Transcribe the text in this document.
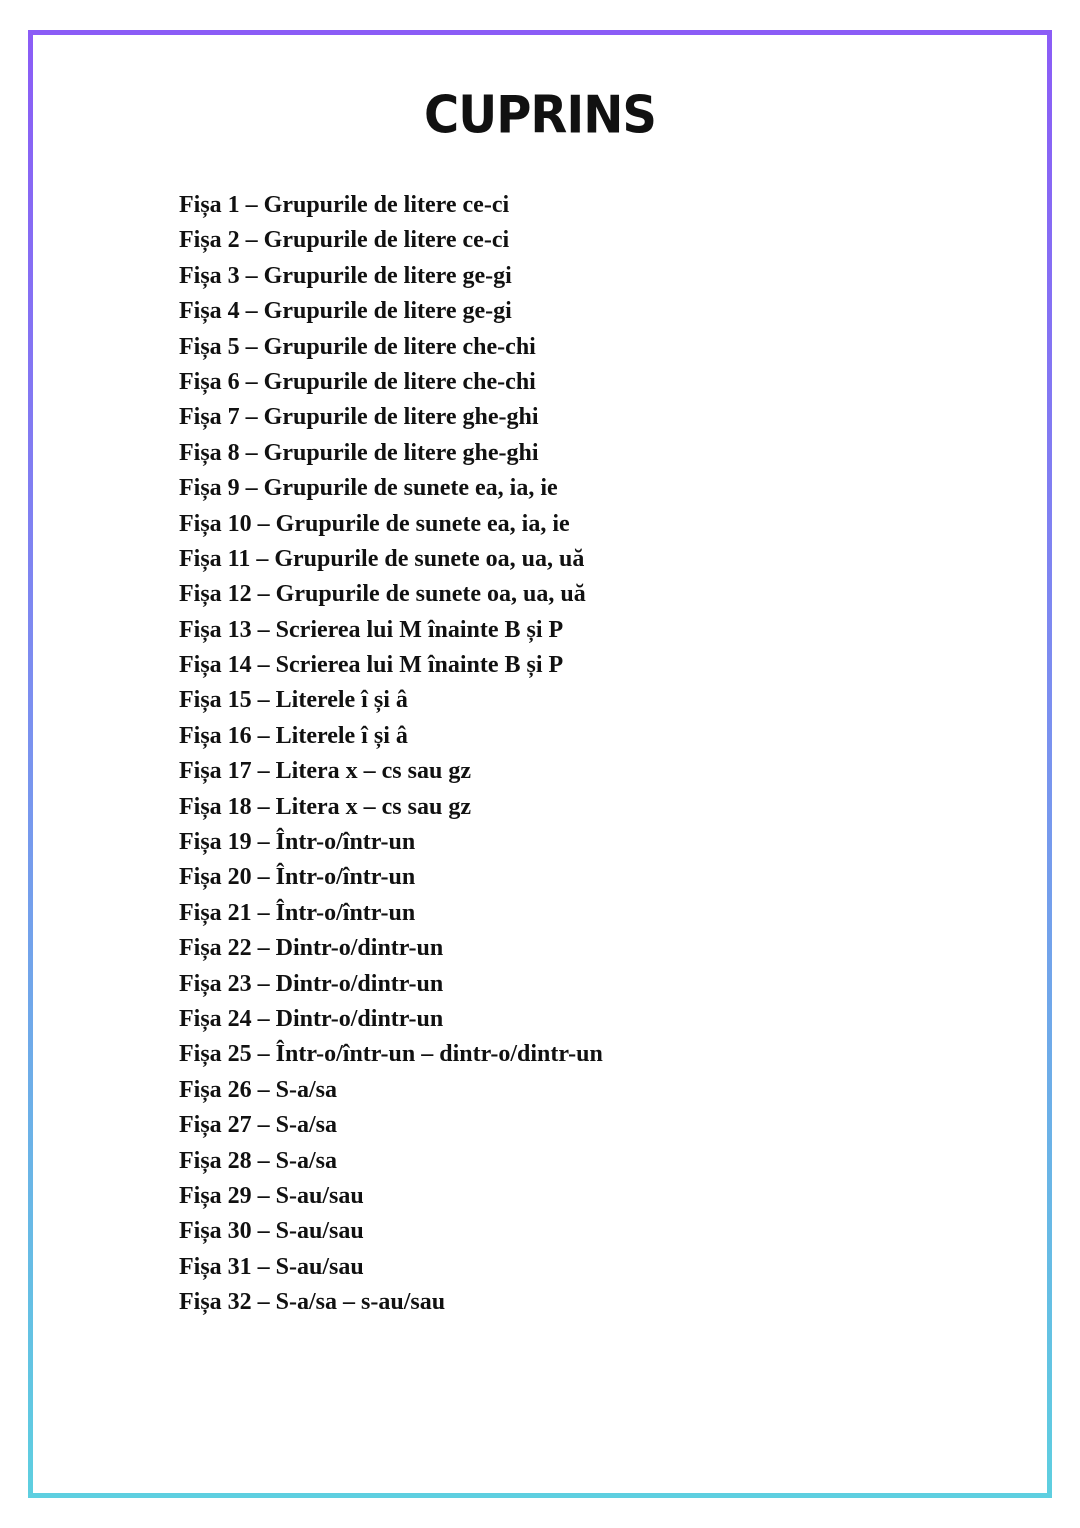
CUPRINS
Fișa 1 – Grupurile de litere ce-ci
Fișa 2 – Grupurile de litere ce-ci
Fișa 3 – Grupurile de litere ge-gi
Fișa 4 – Grupurile de litere ge-gi
Fișa 5 – Grupurile de litere che-chi
Fișa 6 – Grupurile de litere che-chi
Fișa 7 – Grupurile de litere ghe-ghi
Fișa 8 – Grupurile de litere ghe-ghi
Fișa 9 – Grupurile de sunete ea, ia, ie
Fișa 10 – Grupurile de sunete ea, ia, ie
Fișa 11 – Grupurile de sunete oa, ua, uă
Fișa 12 – Grupurile de sunete oa, ua, uă
Fișa 13 – Scrierea lui M înainte B și P
Fișa 14 – Scrierea lui M înainte B și P
Fișa 15 – Literele î și â
Fișa 16 – Literele î și â
Fișa 17 – Litera x – cs sau gz
Fișa 18 – Litera x – cs sau gz
Fișa 19 – Într-o/într-un
Fișa 20 – Într-o/într-un
Fișa 21 – Într-o/într-un
Fișa 22 – Dintr-o/dintr-un
Fișa 23 – Dintr-o/dintr-un
Fișa 24 – Dintr-o/dintr-un
Fișa 25 – Într-o/într-un – dintr-o/dintr-un
Fișa 26 – S-a/sa
Fișa 27 – S-a/sa
Fișa 28 – S-a/sa
Fișa 29 – S-au/sau
Fișa 30 – S-au/sau
Fișa 31 – S-au/sau
Fișa 32 – S-a/sa – s-au/sau
